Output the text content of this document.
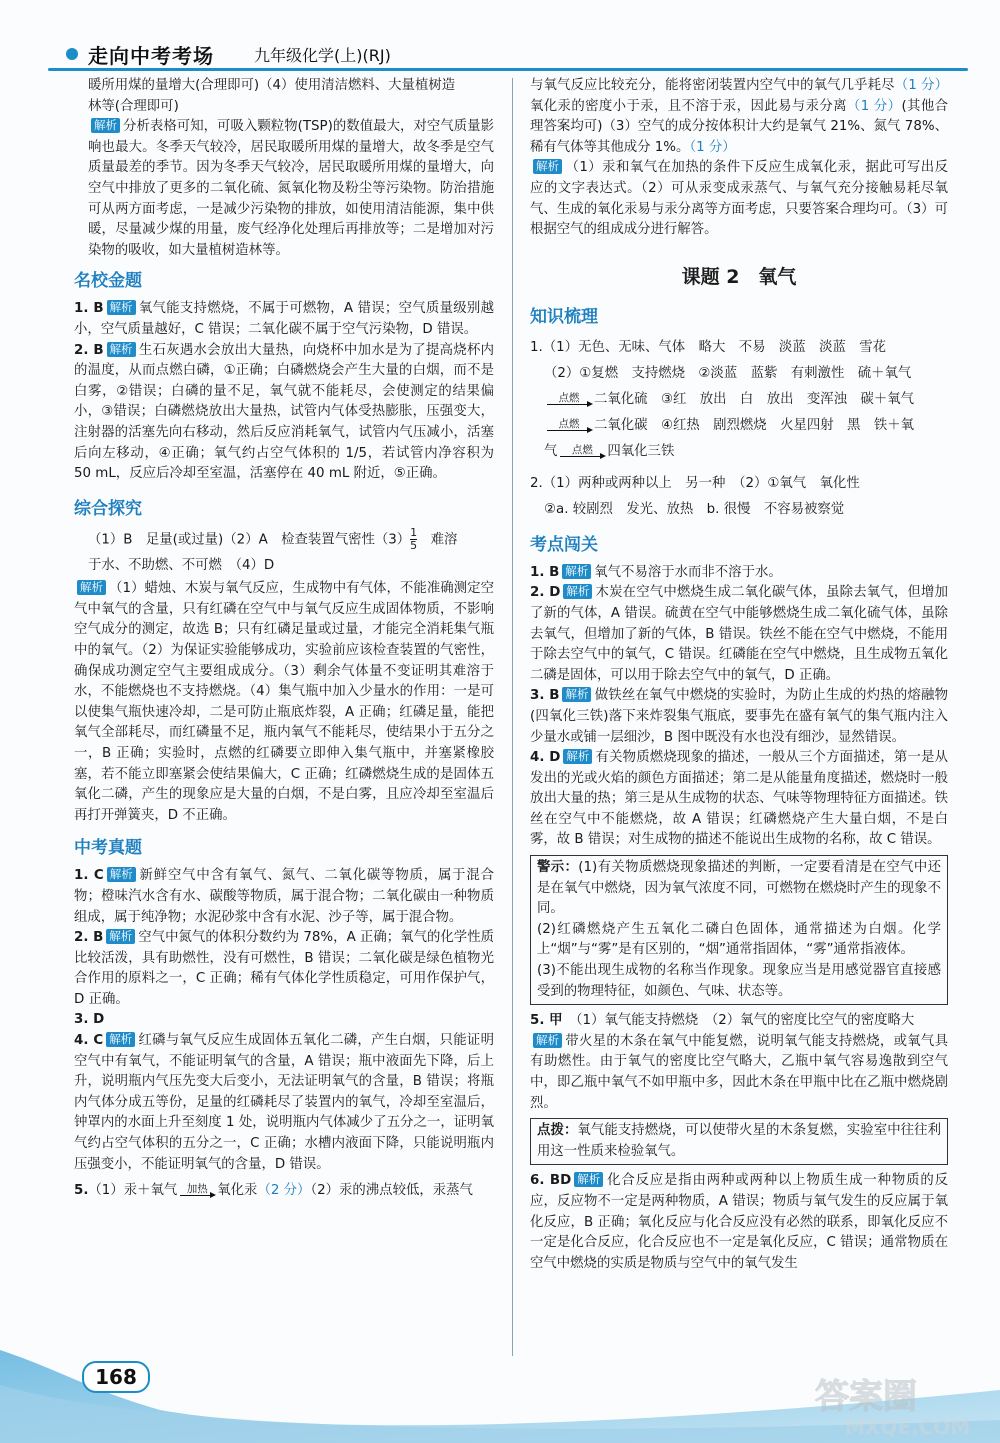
走向中考考场	九年级化学(上)(RJ)

暖所用煤的量增大(合理即可)（4）使用清洁燃料、大量植树造
林等(合理即可)

解析 分析表格可知，可吸入颗粒物(TSP)的数值最大，对空气质量影响也最大。冬季天气较冷，居民取暖所用煤的量增大，故冬季是空气质量最差的季节。因为冬季天气较冷，居民取暖所用煤的量增大，向空气中排放了更多的二氧化硫、氮氧化物及粉尘等污染物。防治措施可从两方面考虑，一是减少污染物的排放，如使用清洁能源，集中供暖，尽量减少煤的用量，废气经净化处理后再排放等；二是增加对污染物的吸收，如大量植树造林等。

名校金题

1. B 解析 氧气能支持燃烧，不属于可燃物，A 错误；空气质量级别越小，空气质量越好，C 错误；二氧化碳不属于空气污染物，D 错误。

2. B 解析 生石灰遇水会放出大量热，向烧杯中加水是为了提高烧杯内的温度，从而点燃白磷，①正确；白磷燃烧会产生大量的白烟，而不是白雾，②错误；白磷的量不足，氧气就不能耗尽，会使测定的结果偏小，③错误；白磷燃烧放出大量热，试管内气体受热膨胀，压强变大，注射器的活塞先向右移动，然后反应消耗氧气，试管内气压减小，活塞后向左移动，④正确；氧气约占空气体积的 1/5，若试管内净容积为 50 mL，反应后冷却至室温，活塞停在 40 mL 附近，⑤正确。

综合探究

（1）B　足量(或过量)（2）A　检查装置气密性$(3) \frac{1}{5}$
　 难溶
于水、不助燃、不可燃　（4）D

解析 （1）蜡烛、木炭与氧气反应，生成物中有气体，不能准确测定空气中氧气的含量，只有红磷在空气中与氧气反应生成固体物质，不影响空气成分的测定，故选 B；只有红磷足量或过量，才能完全消耗集气瓶中的氧气。（2）为保证实验能够成功，实验前应该检查装置的气密性，确保成功测定空气主要组成成分。（3）剩余气体量不变证明其难溶于水，不能燃烧也不支持燃烧。（4）集气瓶中加入少量水的作用：一是可以使集气瓶快速冷却，二是可防止瓶底炸裂，A 正确；红磷足量，能把氧气全部耗尽，而红磷量不足，瓶内氧气不能耗尽，使结果小于五分之一，B 正确；实验时，点燃的红磷要立即伸入集气瓶中，并塞紧橡胶塞，若不能立即塞紧会使结果偏大，C 正确；红磷燃烧生成的是固体五氧化二磷，产生的现象应是大量的白烟，不是白雾，且应冷却至室温后再打开弹簧夹，D 不正确。

中考真题

1. C 解析 新鲜空气中含有氧气、氮气、二氧化碳等物质，属于混合物；橙味汽水含有水、碳酸等物质，属于混合物；二氧化碳由一种物质组成，属于纯净物；水泥砂浆中含有水泥、沙子等，属于混合物。

2. B 解析 空气中氮气的体积分数约为 78%，A 正确；氧气的化学性质比较活泼，具有助燃性，没有可燃性，B 错误；二氧化碳是绿色植物光合作用的原料之一，C 正确；稀有气体化学性质稳定，可用作保护气，D 正确。

3. D

4. C 解析 红磷与氧气反应生成固体五氧化二磷，产生白烟，只能证明空气中有氧气，不能证明氧气的含量，A 错误；瓶中液面先下降，后上升，说明瓶内气压先变大后变小，无法证明氧气的含量，B 错误；将瓶内气体分成五等份，足量的红磷耗尽了装置内的氧气，冷却至室温后，钟罩内的水面上升至刻度 1 处，说明瓶内气体减少了五分之一，证明氧气约占空气体积的五分之一，C 正确；水槽内液面下降，只能说明瓶内压强变小，不能证明氧气的含量，D 错误。

5.（1）汞＋氧气 加热 氧化汞（2 分）（2）汞的沸点较低，汞蒸气

与氧气反应比较充分，能将密闭装置内空气中的氧气几乎耗尽（1 分）氧化汞的密度小于汞，且不溶于汞，因此易与汞分离（1 分）(其他合理答案均可)（3）空气的成分按体积计大约是氧气 21%、氮气 78%、稀有气体等其他成分 1%。（1 分）

解析 （1）汞和氧气在加热的条件下反应生成氧化汞，据此可写出反应的文字表达式。（2）可从汞变成汞蒸气、与氧气充分接触易耗尽氧气、生成的氧化汞易与汞分离等方面考虑，只要答案合理均可。（3）可根据空气的组成成分进行解答。

课题 2　氧气
知识梳理

1.（1）无色、无味、气体　略大　不易　淡蓝　淡蓝　雪花

（2）①复燃　支持燃烧　②淡蓝　蓝紫　有刺激性　硫＋氧气

点燃 二氧化硫　③红　放出　白　放出　变浑浊　碳＋氧气

点燃 二氧化碳　④红热　剧烈燃烧　火星四射　黑　铁＋氧

气 点燃 四氧化三铁

2.（1）两种或两种以上　另一种　（2）①氧气　氧化性

②a. 较剧烈　发光、放热　b. 很慢　不容易被察觉

考点闯关

1. B 解析 氧气不易溶于水而非不溶于水。

2. D 解析 木炭在空气中燃烧生成二氧化碳气体，虽除去氧气，但增加了新的气体，A 错误。硫黄在空气中能够燃烧生成二氧化硫气体，虽除去氧气，但增加了新的气体，B 错误。铁丝不能在空气中燃烧，不能用于除去空气中的氧气，C 错误。红磷能在空气中燃烧，且生成物五氧化二磷是固体，可以用于除去空气中的氧气，D 正确。

3. B 解析 做铁丝在氧气中燃烧的实验时，为防止生成的灼热的熔融物(四氧化三铁)落下来炸裂集气瓶底，要事先在盛有氧气的集气瓶内注入少量水或铺一层细沙，B 图中既没有水也没有细沙，显然错误。

4. D 解析 有关物质燃烧现象的描述，一般从三个方面描述，第一是从发出的光或火焰的颜色方面描述；第二是从能量角度描述，燃烧时一般放出大量的热；第三是从生成物的状态、气味等物理特征方面描述。铁丝在空气中不能燃烧，故 A 错误；红磷燃烧产生大量白烟，不是白雾，故 B 错误；对生成物的描述不能说出生成物的名称，故 C 错误。

警示：(1)有关物质燃烧现象描述的判断，一定要看清是在空气中还是在氧气中燃烧，因为氧气浓度不同，可燃物在燃烧时产生的现象不同。
(2)红磷燃烧产生五氧化二磷白色固体，通常描述为白烟。化学上“烟”与“雾”是有区别的，“烟”通常指固体，“雾”通常指液体。
(3)不能出现生成物的名称当作现象。现象应当是用感觉器官直接感受到的物理特征，如颜色、气味、状态等。

5. 甲　 （1）氧气能支持燃烧　（2）氧气的密度比空气的密度略大

解析 带火星的木条在氧气中能复燃，说明氧气能支持燃烧，或氧气具有助燃性。由于氧气的密度比空气略大，乙瓶中氧气容易逸散到空气中，即乙瓶中氧气不如甲瓶中多，因此木条在甲瓶中比在乙瓶中燃烧剧烈。

点拨：氧气能支持燃烧，可以使带火星的木条复燃，实验室中往往利用这一性质来检验氧气。

6. BD 解析 化合反应是指由两种或两种以上物质生成一种物质的反应，反应物不一定是两种物质，A 错误；物质与氧气发生的反应属于氧化反应，B 正确；氧化反应与化合反应没有必然的联系，即氧化反应不一定是化合反应，化合反应也不一定是氧化反应，C 错误；通常物质在空气中燃烧的实质是物质与空气中的氧气发生

168	答案圈
MXQE.COM
